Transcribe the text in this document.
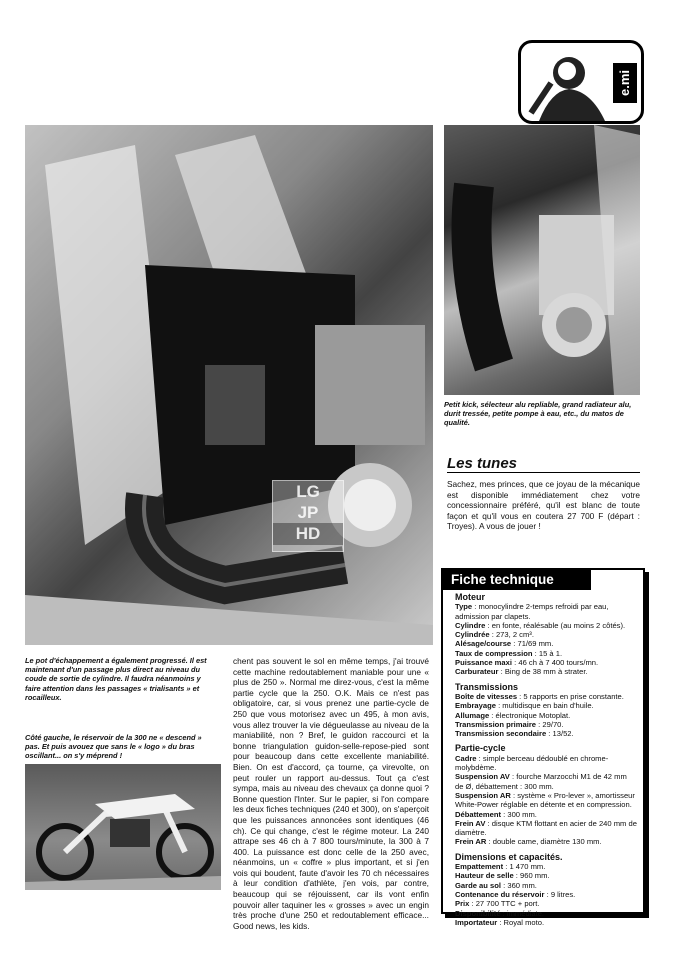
e.mi
LG
JP
HD
Petit kick, sélecteur alu repliable, grand radiateur alu, durit tressée, petite pompe à eau, etc., du matos de qualité.
Les tunes
Sachez, mes princes, que ce joyau de la mécanique est disponible immédiatement chez votre concessionnaire préféré, qu'il est blanc de toute façon et qu'il vous en coutera 27 700 F (départ : Troyes). A vous de jouer !
Le pot d'échappement a également progressé. Il est maintenant d'un passage plus direct au niveau du coude de sortie de cylindre. Il faudra néanmoins y faire attention dans les passages « trialisants » et rocailleux.
Côté gauche, le réservoir de la 300 ne « descend » pas. Et puis avouez que sans le « logo » du bras oscillant... on s'y méprend !
chent pas souvent le sol en même temps, j'ai trouvé cette machine redoutablement maniable pour une « plus de 250 ». Normal me direz-vous, c'est la même partie cycle que la 250. O.K. Mais ce n'est pas obligatoire, car, si vous prenez une partie-cycle de 250 que vous motorisez avec un 495, à mon avis, vous allez trouver la vie dégueulasse au niveau de la maniabilité, non ? Bref, le guidon raccourci et la bonne triangulation guidon-selle-repose-pied sont pour beaucoup dans cette excellente maniabilité. Bien. On est d'accord, ça tourne, ça virevolte, on peut rouler un rapport au-dessus. Tout ça c'est sympa, mais au niveau des chevaux ça donne quoi ? Bonne question l'Inter. Sur le papier, si l'on compare les deux fiches techniques (240 et 300), on s'aperçoit que les puissances annoncées sont identiques (46 ch). Ce qui change, c'est le régime moteur. La 240 attrape ses 46 ch à 7 800 tours/minute, la 300 à 7 400. La puissance est donc celle de la 250 avec, néanmoins, un « coffre » plus important, et si j'en vois qui boudent, faute d'avoir les 70 ch nécessaires à leur condition d'athlète, j'en vois, par contre, beaucoup qui se réjouissent, car ils vont enfin pouvoir aller taquiner les « grosses » avec un engin très proche d'une 250 et redoutablement efficace... Good news, les kids.
Fiche technique
Moteur
Type : monocylindre 2-temps refroidi par eau, admission par clapets.
Cylindre : en fonte, réalésable (au moins 2 côtés).
Cylindrée : 273, 2 cm³.
Alésage/course : 71/69 mm.
Taux de compression : 15 à 1.
Puissance maxi : 46 ch à 7 400 tours/mn.
Carburateur : Bing de 38 mm à strater.
Transmissions
Boîte de vitesses : 5 rapports en prise constante.
Embrayage : multidisque en bain d'huile.
Allumage : électronique Motoplat.
Transmission primaire : 29/70.
Transmission secondaire : 13/52.
Partie-cycle
Cadre : simple berceau dédoublé en chrome-molybdème.
Suspension AV : fourche Marzocchi M1 de 42 mm de Ø, débattement : 300 mm.
Suspension AR : système « Pro-lever », amortisseur White-Power réglable en détente et en compression.
Débattement : 300 mm.
Frein AV : disque KTM flottant en acier de 240 mm de diamètre.
Frein AR : double came, diamètre 130 mm.
Dimensions et capacités.
Empattement : 1 470 mm.
Hauteur de selle : 960 mm.
Garde au sol : 360 mm.
Contenance du réservoir : 9 litres.
Prix : 27 700 TTC + port.
Disponibilité : immédiate.
Importateur : Royal moto.
